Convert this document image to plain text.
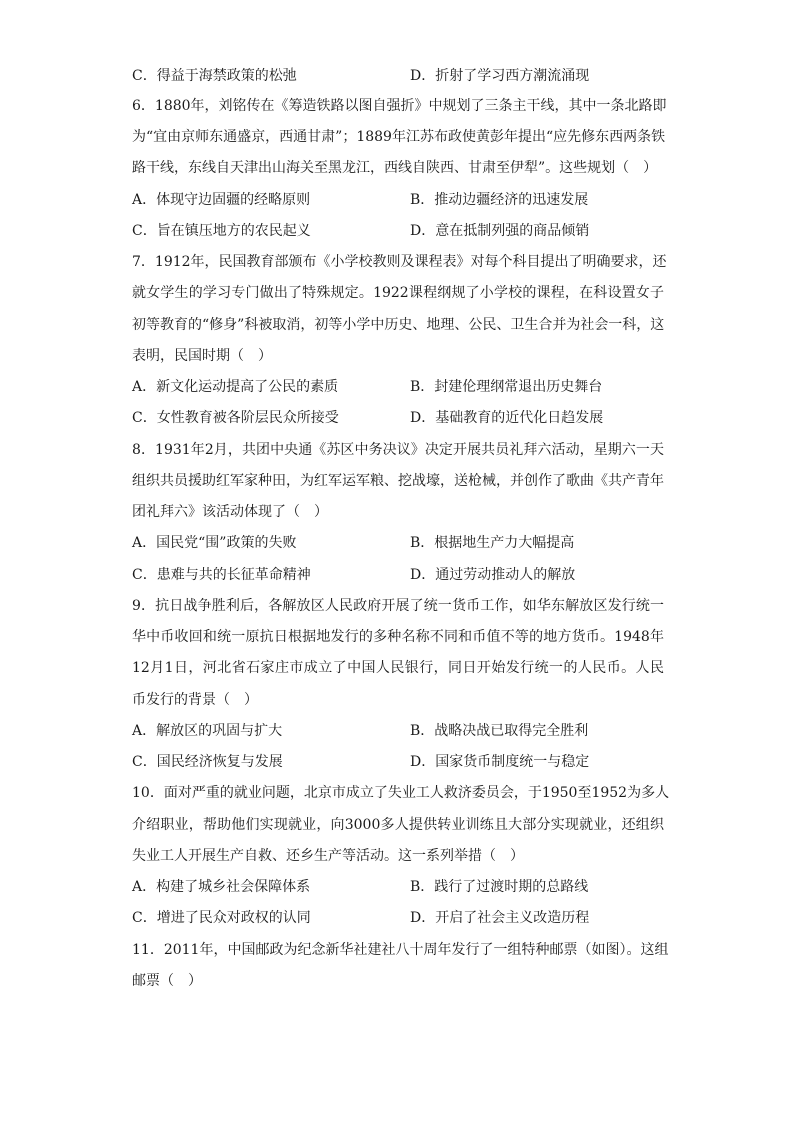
C．得益于海禁政策的松弛	D．折射了学习西方潮流涌现
6．1880年，刘铭传在《筹造铁路以图自强折》中规划了三条主干线，其中一条北路即
为“宜由京师东通盛京，西通甘肃”；1889年江苏布政使黄彭年提出“应先修东西两条铁
路干线，东线自天津出山海关至黑龙江，西线自陕西、甘肃至伊犁”。这些规划（　）
A．体现守边固疆的经略原则	B．推动边疆经济的迅速发展
C．旨在镇压地方的农民起义	D．意在抵制列强的商品倾销
7．1912年，民国教育部颁布《小学校教则及课程表》对每个科目提出了明确要求，还
就女学生的学习专门做出了特殊规定。1922课程纲规了小学校的课程，在科设置女子
初等教育的“修身”科被取消，初等小学中历史、地理、公民、卫生合并为社会一科，这
表明，民国时期（　）
A．新文化运动提高了公民的素质	B．封建伦理纲常退出历史舞台
C．女性教育被各阶层民众所接受	D．基础教育的近代化日趋发展
8．1931年2月，共团中央通《苏区中务决议》决定开展共员礼拜六活动，星期六一天
组织共员援助红军家种田，为红军运军粮、挖战壕，送枪械，并创作了歌曲《共产青年
团礼拜六》该活动体现了（　）
A．国民党“围”政策的失败	B．根据地生产力大幅提高
C．患难与共的长征革命精神	D．通过劳动推动人的解放
9．抗日战争胜利后，各解放区人民政府开展了统一货币工作，如华东解放区发行统一
华中币收回和统一原抗日根据地发行的多种名称不同和币值不等的地方货币。1948年
12月1日，河北省石家庄市成立了中国人民银行，同日开始发行统一的人民币。人民
币发行的背景（　）
A．解放区的巩固与扩大	B．战略决战已取得完全胜利
C．国民经济恢复与发展	D．国家货币制度统一与稳定
10．面对严重的就业问题，北京市成立了失业工人救济委员会，于1950至1952为多人
介绍职业，帮助他们实现就业，向3000多人提供转业训练且大部分实现就业，还组织
失业工人开展生产自救、还乡生产等活动。这一系列举措（　）
A．构建了城乡社会保障体系	B．践行了过渡时期的总路线
C．增进了民众对政权的认同	D．开启了社会主义改造历程
11．2011年，中国邮政为纪念新华社建社八十周年发行了一组特种邮票（如图）。这组
邮票（　）
